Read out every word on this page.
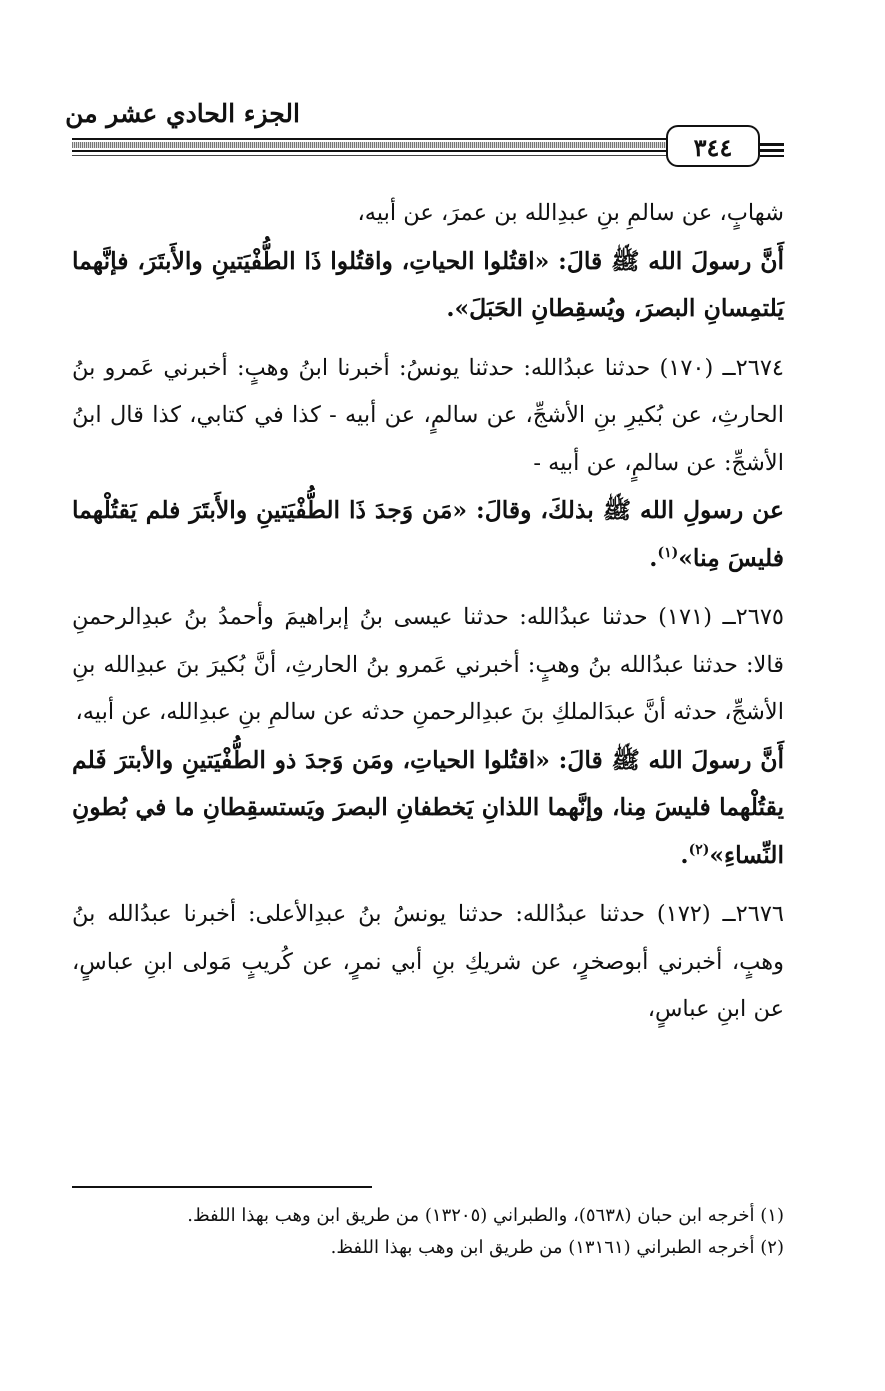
الجزء الحادي عشر من
٣٤٤

شهابٍ، عن سالمِ بنِ عبدِالله بن عمرَ، عن أبيه،

أَنَّ رسولَ الله ﷺ قالَ: «اقتُلوا الحياتِ، واقتُلوا ذَا الطُّفْيَتينِ والأَبتَرَ، فإنَّهما يَلتمِسانِ البصرَ، ويُسقِطانِ الحَبَلَ».

٢٦٧٤ــ (١٧٠) حدثنا عبدُالله: حدثنا يونسُ: أخبرنا ابنُ وهبٍ: أخبرني عَمرو بنُ الحارثِ، عن بُكيرِ بنِ الأشجِّ، عن سالمٍ، عن أبيه - كذا في كتابي، كذا قال ابنُ الأشجِّ: عن سالمٍ، عن أبيه -

عن رسولِ الله ﷺ بذلكَ، وقالَ: «مَن وَجدَ ذَا الطُّفْيَتينِ والأَبتَرَ فلم يَقتُلْهما فليسَ مِنا»$^{(١)}$.

٢٦٧٥ــ (١٧١) حدثنا عبدُالله: حدثنا عيسى بنُ إبراهيمَ وأحمدُ بنُ عبدِالرحمنِ قالا: حدثنا عبدُالله بنُ وهبٍ: أخبرني عَمرو بنُ الحارثِ، أنَّ بُكيرَ بنَ عبدِالله بنِ الأشجِّ، حدثه أنَّ عبدَالملكِ بنَ عبدِالرحمنِ حدثه عن سالمِ بنِ عبدِالله، عن أبيه،

أَنَّ رسولَ الله ﷺ قالَ: «اقتُلوا الحياتِ، ومَن وَجدَ ذو الطُّفْيَتينِ والأبترَ فَلم يقتُلْهما فليسَ مِنا، وإنَّهما اللذانِ يَخطفانِ البصرَ ويَستسقِطانِ ما في بُطونِ النِّساءِ»$^{(٢)}$.

٢٦٧٦ــ (١٧٢) حدثنا عبدُالله: حدثنا يونسُ بنُ عبدِالأعلى: أخبرنا عبدُالله بنُ وهبٍ، أخبرني أبوصخرٍ، عن شريكِ بنِ أبي نمرٍ، عن كُريبٍ مَولى ابنِ عباسٍ، عن ابنِ عباسٍ،

(١) أخرجه ابن حبان (٥٦٣٨)، والطبراني (١٣٢٠٥) من طريق ابن وهب بهذا اللفظ.

(٢) أخرجه الطبراني (١٣١٦١) من طريق ابن وهب بهذا اللفظ.
